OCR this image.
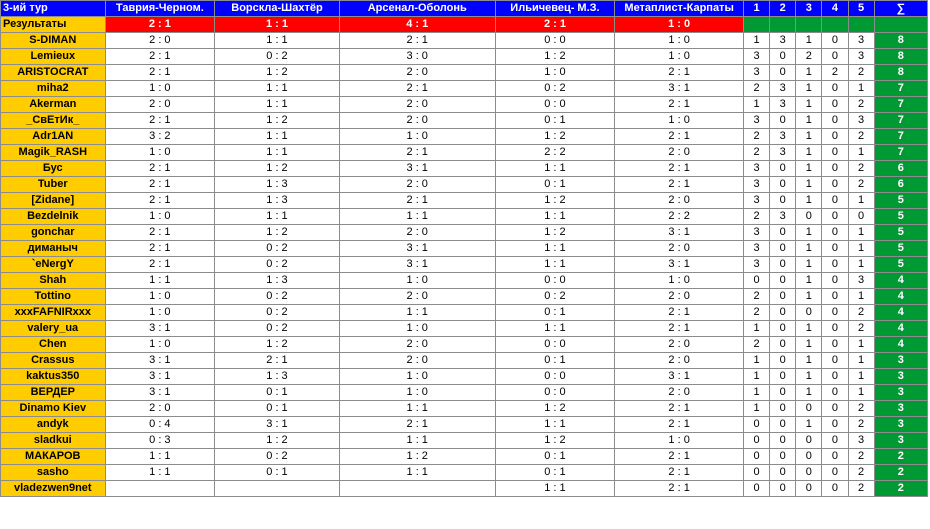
3-ий тур	Таврия-Черном.	Ворскла-Шахтёр	Арсенал-Оболонь	Ильичевец- М.З.	Метаплист-Карпаты	1	2	3	4	5	∑
Результаты	2 : 1	1 : 1	4 : 1	2 : 1	1 : 0						
S-DIMAN	2 : 0	1 : 1	2 : 1	0 : 0	1 : 0	1	3	1	0	3	8
Lemieux	2 : 1	0 : 2	3 : 0	1 : 2	1 : 0	3	0	2	0	3	8
ARISTOCRAT	2 : 1	1 : 2	2 : 0	1 : 0	2 : 1	3	0	1	2	2	8
miha2	1 : 0	1 : 1	2 : 1	0 : 2	3 : 1	2	3	1	0	1	7
Akerman	2 : 0	1 : 1	2 : 0	0 : 0	2 : 1	1	3	1	0	2	7
_СвЕтИк_	2 : 1	1 : 2	2 : 0	0 : 1	1 : 0	3	0	1	0	3	7
Adr1AN	3 : 2	1 : 1	1 : 0	1 : 2	2 : 1	2	3	1	0	2	7
Magik_RASH	1 : 0	1 : 1	2 : 1	2 : 2	2 : 0	2	3	1	0	1	7
Бус	2 : 1	1 : 2	3 : 1	1 : 1	2 : 1	3	0	1	0	2	6
Tuber	2 : 1	1 : 3	2 : 0	0 : 1	2 : 1	3	0	1	0	2	6
[Zidane]	2 : 1	1 : 3	2 : 1	1 : 2	2 : 0	3	0	1	0	1	5
Bezdelnik	1 : 0	1 : 1	1 : 1	1 : 1	2 : 2	2	3	0	0	0	5
gonchar	2 : 1	1 : 2	2 : 0	1 : 2	3 : 1	3	0	1	0	1	5
диманыч	2 : 1	0 : 2	3 : 1	1 : 1	2 : 0	3	0	1	0	1	5
`eNergY	2 : 1	0 : 2	3 : 1	1 : 1	3 : 1	3	0	1	0	1	5
Shah	1 : 1	1 : 3	1 : 0	0 : 0	1 : 0	0	0	1	0	3	4
Tottino	1 : 0	0 : 2	2 : 0	0 : 2	2 : 0	2	0	1	0	1	4
xxxFAFNIRxxx	1 : 0	0 : 2	1 : 1	0 : 1	2 : 1	2	0	0	0	2	4
valery_ua	3 : 1	0 : 2	1 : 0	1 : 1	2 : 1	1	0	1	0	2	4
Chen	1 : 0	1 : 2	2 : 0	0 : 0	2 : 0	2	0	1	0	1	4
Crassus	3 : 1	2 : 1	2 : 0	0 : 1	2 : 0	1	0	1	0	1	3
kaktus350	3 : 1	1 : 3	1 : 0	0 : 0	3 : 1	1	0	1	0	1	3
ВЕРДЕР	3 : 1	0 : 1	1 : 0	0 : 0	2 : 0	1	0	1	0	1	3
Dinamo Kiev	2 : 0	0 : 1	1 : 1	1 : 2	2 : 1	1	0	0	0	2	3
andyk	0 : 4	3 : 1	2 : 1	1 : 1	2 : 1	0	0	1	0	2	3
sladkui	0 : 3	1 : 2	1 : 1	1 : 2	1 : 0	0	0	0	0	3	3
МАКАРОВ	1 : 1	0 : 2	1 : 2	0 : 1	2 : 1	0	0	0	0	2	2
sasho	1 : 1	0 : 1	1 : 1	0 : 1	2 : 1	0	0	0	0	2	2
vladezwen9net				1 : 1	2 : 1	0	0	0	0	2	2
